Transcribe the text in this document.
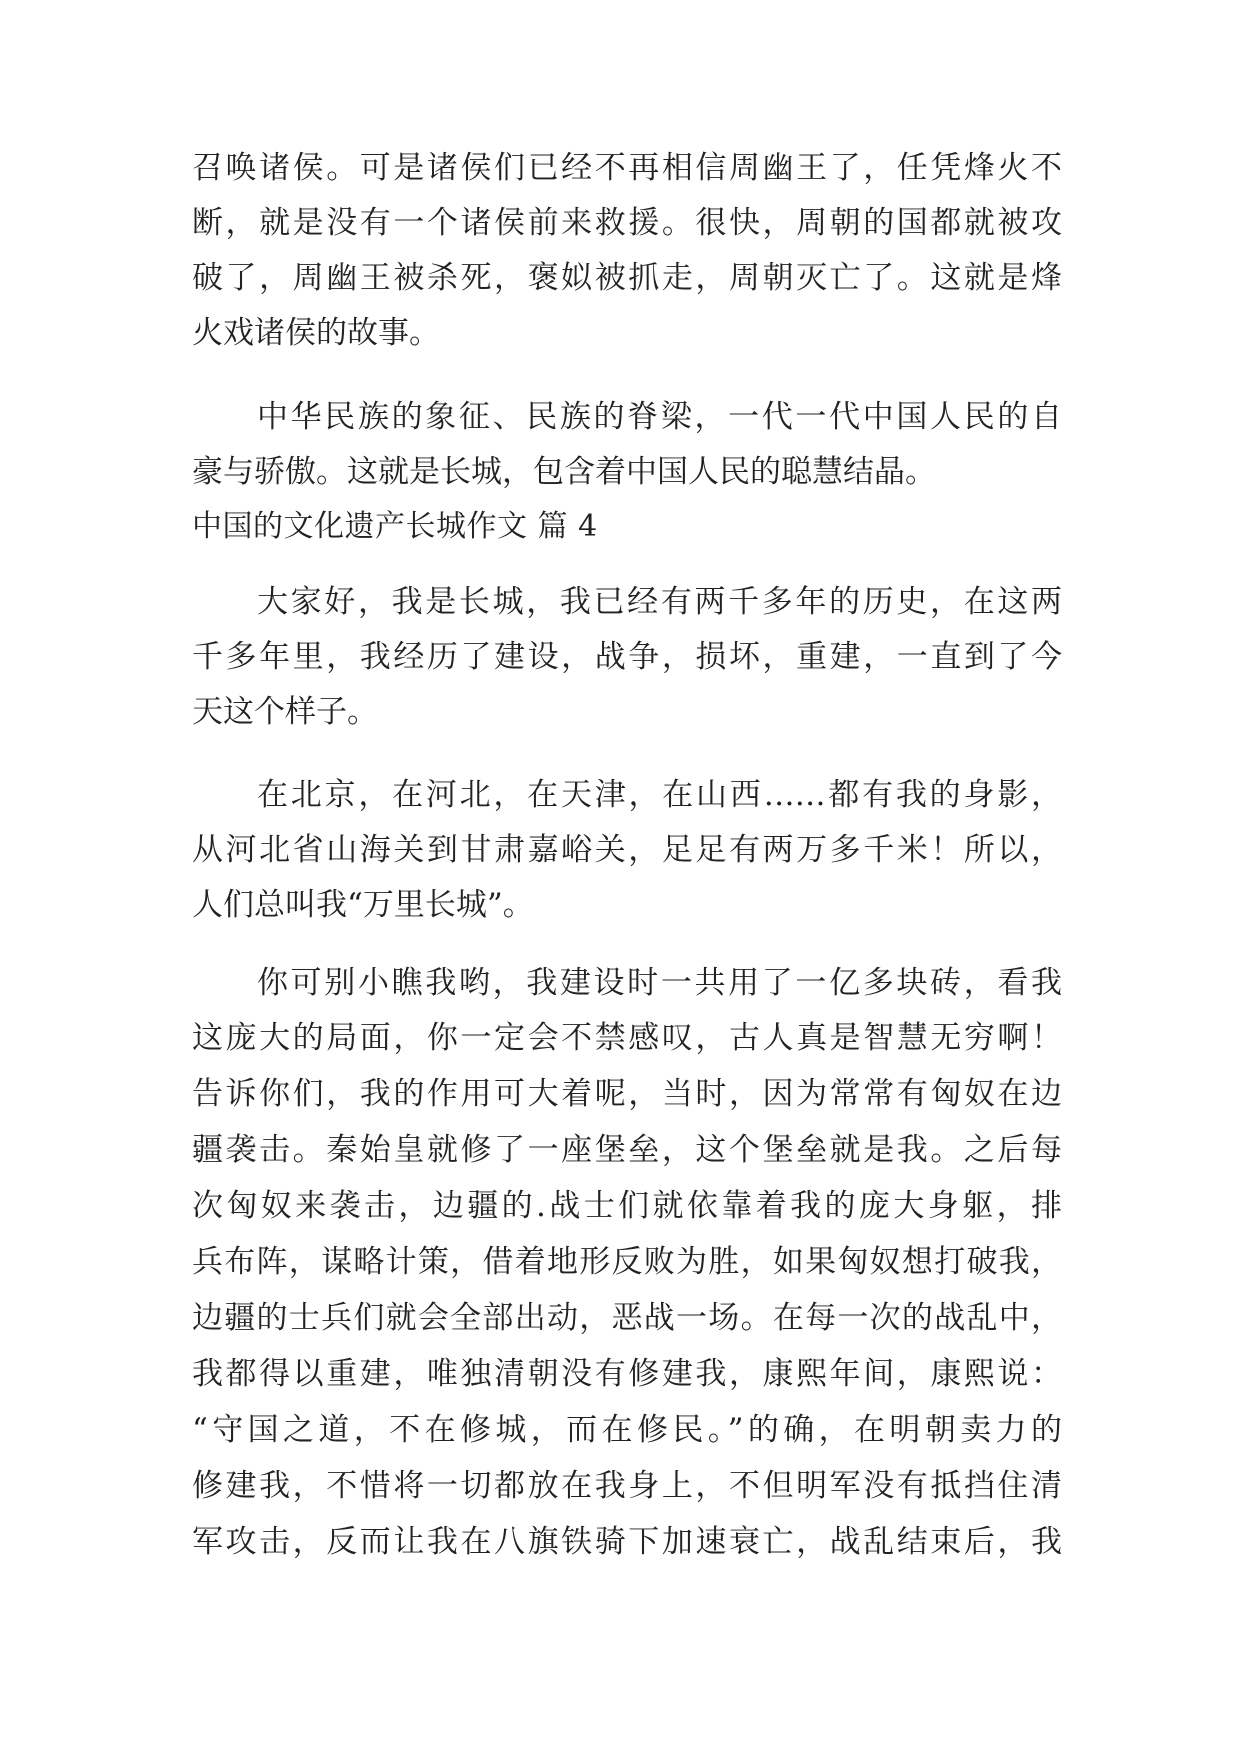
召唤诸侯。可是诸侯们已经不再相信周幽王了，任凭烽火不
断，就是没有一个诸侯前来救援。很快，周朝的国都就被攻
破了，周幽王被杀死，褒姒被抓走，周朝灭亡了。这就是烽
火戏诸侯的故事。
中华民族的象征、民族的脊梁，一代一代中国人民的自
豪与骄傲。这就是长城，包含着中国人民的聪慧结晶。
中国的文化遗产长城作文 篇 4
大家好，我是长城，我已经有两千多年的历史，在这两
千多年里，我经历了建设，战争，损坏，重建，一直到了今
天这个样子。
在北京，在河北，在天津，在山西……都有我的身影，
从河北省山海关到甘肃嘉峪关，足足有两万多千米！所以，
人们总叫我“万里长城”。
你可别小瞧我哟，我建设时一共用了一亿多块砖，看我
这庞大的局面，你一定会不禁感叹，古人真是智慧无穷啊！
告诉你们，我的作用可大着呢，当时，因为常常有匈奴在边
疆袭击。秦始皇就修了一座堡垒，这个堡垒就是我。之后每
次匈奴来袭击，边疆的.战士们就依靠着我的庞大身躯，排
兵布阵，谋略计策，借着地形反败为胜，如果匈奴想打破我，
边疆的士兵们就会全部出动，恶战一场。在每一次的战乱中，
我都得以重建，唯独清朝没有修建我，康熙年间，康熙说：
“守国之道，不在修城，而在修民。”的确，在明朝卖力的
修建我，不惜将一切都放在我身上，不但明军没有抵挡住清
军攻击，反而让我在八旗铁骑下加速衰亡，战乱结束后，我
